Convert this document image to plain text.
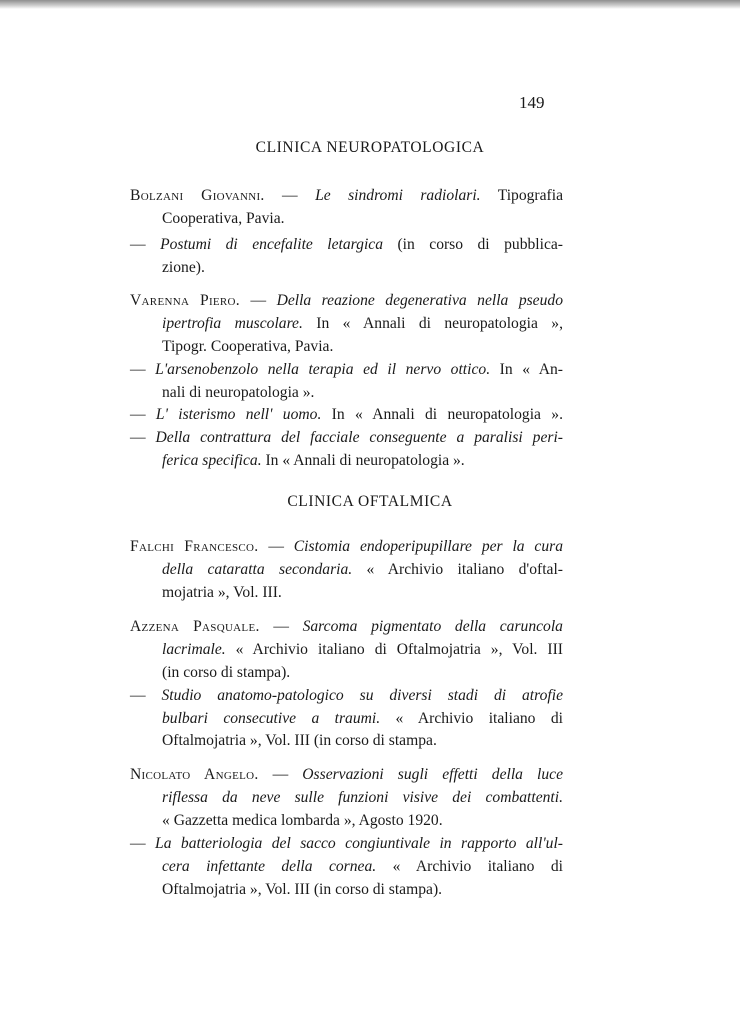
149
CLINICA NEUROPATOLOGICA
Bolzani Giovanni. — Le sindromi radiolari. Tipografia
Cooperativa, Pavia.
— Postumi di encefalite letargica (in corso di pubblica-
zione).
Varenna Piero. — Della reazione degenerativa nella pseudo
ipertrofia muscolare. In « Annali di neuropatologia »,
Tipogr. Cooperativa, Pavia.
— L'arsenobenzolo nella terapia ed il nervo ottico. In « An-
nali di neuropatologia ».
— L' isterismo nell' uomo. In « Annali di neuropatologia ».
— Della contrattura del facciale conseguente a paralisi peri-
ferica specifica. In « Annali di neuropatologia ».
CLINICA OFTALMICA
Falchi Francesco. — Cistomia endoperipupillare per la cura
della cataratta secondaria. « Archivio italiano d'oftal-
mojatria », Vol. III.
Azzena Pasquale. — Sarcoma pigmentato della caruncola
lacrimale. « Archivio italiano di Oftalmojatria », Vol. III
(in corso di stampa).
— Studio anatomo-patologico su diversi stadi di atrofie
bulbari consecutive a traumi. « Archivio italiano di
Oftalmojatria », Vol. III (in corso di stampa.
Nicolato Angelo. — Osservazioni sugli effetti della luce
riflessa da neve sulle funzioni visive dei combattenti.
« Gazzetta medica lombarda », Agosto 1920.
— La batteriologia del sacco congiuntivale in rapporto all'ul-
cera infettante della cornea. « Archivio italiano di
Oftalmojatria », Vol. III (in corso di stampa).
